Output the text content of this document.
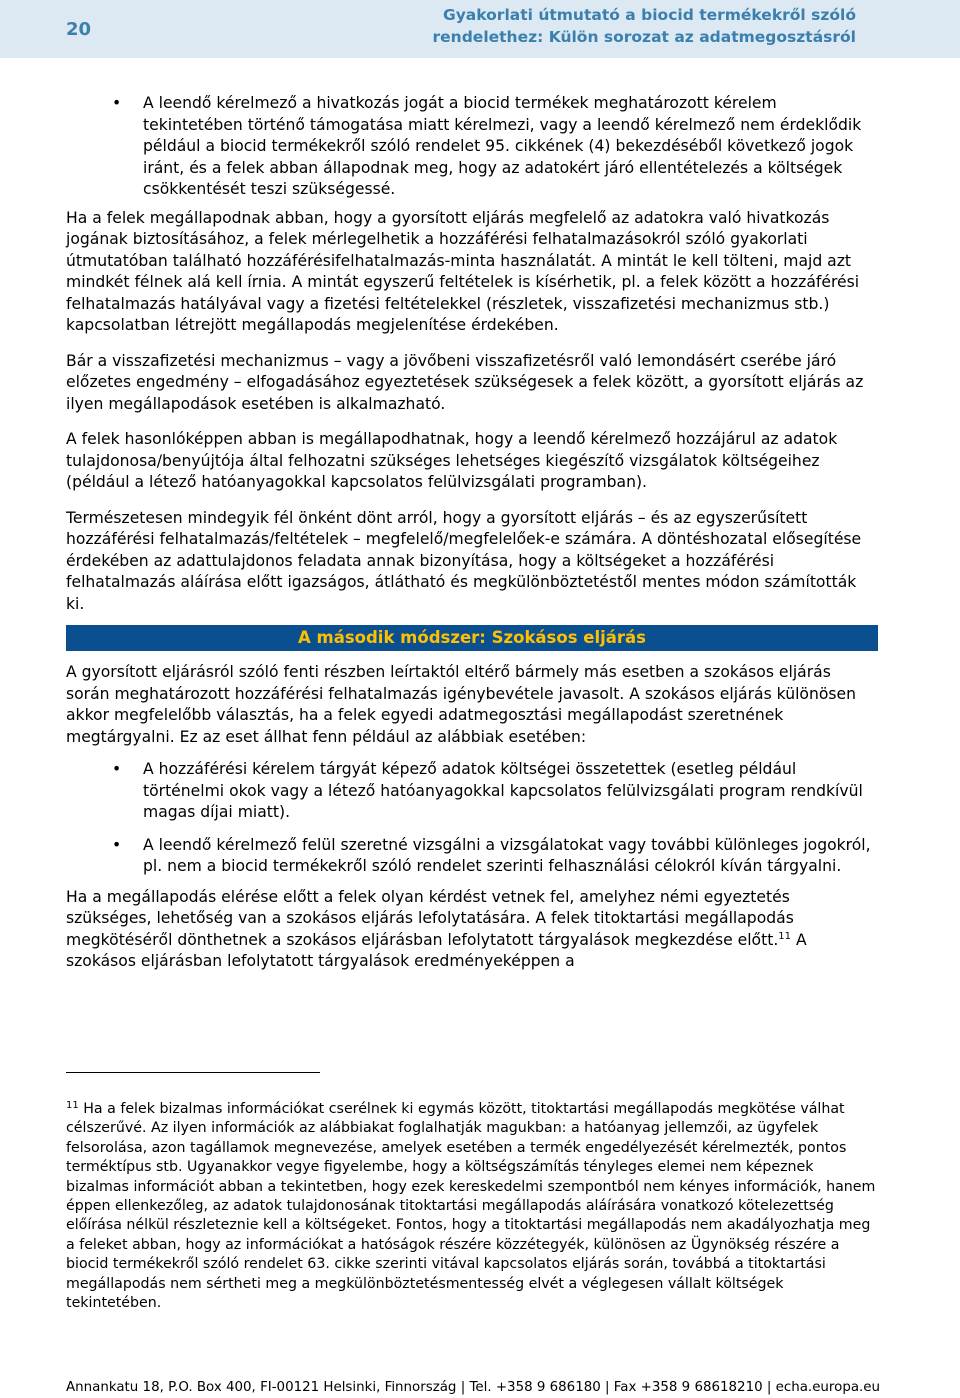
20
Gyakorlati útmutató a biocid termékekről szóló
rendelethez: Külön sorozat az adatmegosztásról
• A leendő kérelmező a hivatkozás jogát a biocid termékek meghatározott kérelem tekintetében történő támogatása miatt kérelmezi, vagy a leendő kérelmező nem érdeklődik például a biocid termékekről szóló rendelet 95. cikkének (4) bekezdéséből következő jogok iránt, és a felek abban állapodnak meg, hogy az adatokért járó ellentételezés a költségek csökkentését teszi szükségessé.

Ha a felek megállapodnak abban, hogy a gyorsított eljárás megfelelő az adatokra való hivatkozás jogának biztosításához, a felek mérlegelhetik a hozzáférési felhatalmazásokról szóló gyakorlati útmutatóban található hozzáférésifelhatalmazás-minta használatát. A mintát le kell tölteni, majd azt mindkét félnek alá kell írnia. A mintát egyszerű feltételek is kísérhetik, pl. a felek között a hozzáférési felhatalmazás hatályával vagy a fizetési feltételekkel (részletek, visszafizetési mechanizmus stb.) kapcsolatban létrejött megállapodás megjelenítése érdekében.

Bár a visszafizetési mechanizmus – vagy a jövőbeni visszafizetésről való lemondásért cserébe járó előzetes engedmény – elfogadásához egyeztetések szükségesek a felek között, a gyorsított eljárás az ilyen megállapodások esetében is alkalmazható.

A felek hasonlóképpen abban is megállapodhatnak, hogy a leendő kérelmező hozzájárul az adatok tulajdonosa/benyújtója által felhozatni szükséges lehetséges kiegészítő vizsgálatok költségeihez (például a létező hatóanyagokkal kapcsolatos felülvizsgálati programban).

Természetesen mindegyik fél önként dönt arról, hogy a gyorsított eljárás – és az egyszerűsített hozzáférési felhatalmazás/feltételek – megfelelő/megfelelőek-e számára. A döntéshozatal elősegítése érdekében az adattulajdonos feladata annak bizonyítása, hogy a költségeket a hozzáférési felhatalmazás aláírása előtt igazságos, átlátható és megkülönböztetéstől mentes módon számították ki.

A második módszer: Szokásos eljárás

A gyorsított eljárásról szóló fenti részben leírtaktól eltérő bármely más esetben a szokásos eljárás során meghatározott hozzáférési felhatalmazás igénybevétele javasolt. A szokásos eljárás különösen akkor megfelelőbb választás, ha a felek egyedi adatmegosztási megállapodást szeretnének megtárgyalni. Ez az eset állhat fenn például az alábbiak esetében:

• A hozzáférési kérelem tárgyát képező adatok költségei összetettek (esetleg például történelmi okok vagy a létező hatóanyagokkal kapcsolatos felülvizsgálati program rendkívül magas díjai miatt).
• A leendő kérelmező felül szeretné vizsgálni a vizsgálatokat vagy további különleges jogokról, pl. nem a biocid termékekről szóló rendelet szerinti felhasználási célokról kíván tárgyalni.

Ha a megállapodás elérése előtt a felek olyan kérdést vetnek fel, amelyhez némi egyeztetés szükséges, lehetőség van a szokásos eljárás lefolytatására. A felek titoktartási megállapodás megkötéséről dönthetnek a szokásos eljárásban lefolytatott tárgyalások megkezdése előtt.$^{11}$ A szokásos eljárásban lefolytatott tárgyalások eredményeképpen a

$^{11}$ Ha a felek bizalmas információkat cserélnek ki egymás között, titoktartási megállapodás megkötése válhat célszerűvé. Az ilyen információk az alábbiakat foglalhatják magukban: a hatóanyag jellemzői, az ügyfelek felsorolása, azon tagállamok megnevezése, amelyek esetében a termék engedélyezését kérelmezték, pontos terméktípus stb. Ugyanakkor vegye figyelembe, hogy a költségszámítás tényleges elemei nem képeznek bizalmas információt abban a tekintetben, hogy ezek kereskedelmi szempontból nem kényes információk, hanem éppen ellenkezőleg, az adatok tulajdonosának titoktartási megállapodás aláírására vonatkozó kötelezettség előírása nélkül részleteznie kell a költségeket. Fontos, hogy a titoktartási megállapodás nem akadályozhatja meg a feleket abban, hogy az információkat a hatóságok részére közzétegyék, különösen az Ügynökség részére a biocid termékekről szóló rendelet 63. cikke szerinti vitával kapcsolatos eljárás során, továbbá a titoktartási megállapodás nem sértheti meg a megkülönböztetésmentesség elvét a véglegesen vállalt költségek tekintetében.
Annankatu 18, P.O. Box 400, FI-00121 Helsinki, Finnország | Tel. +358 9 686180 | Fax +358 9 68618210 | echa.europa.eu
